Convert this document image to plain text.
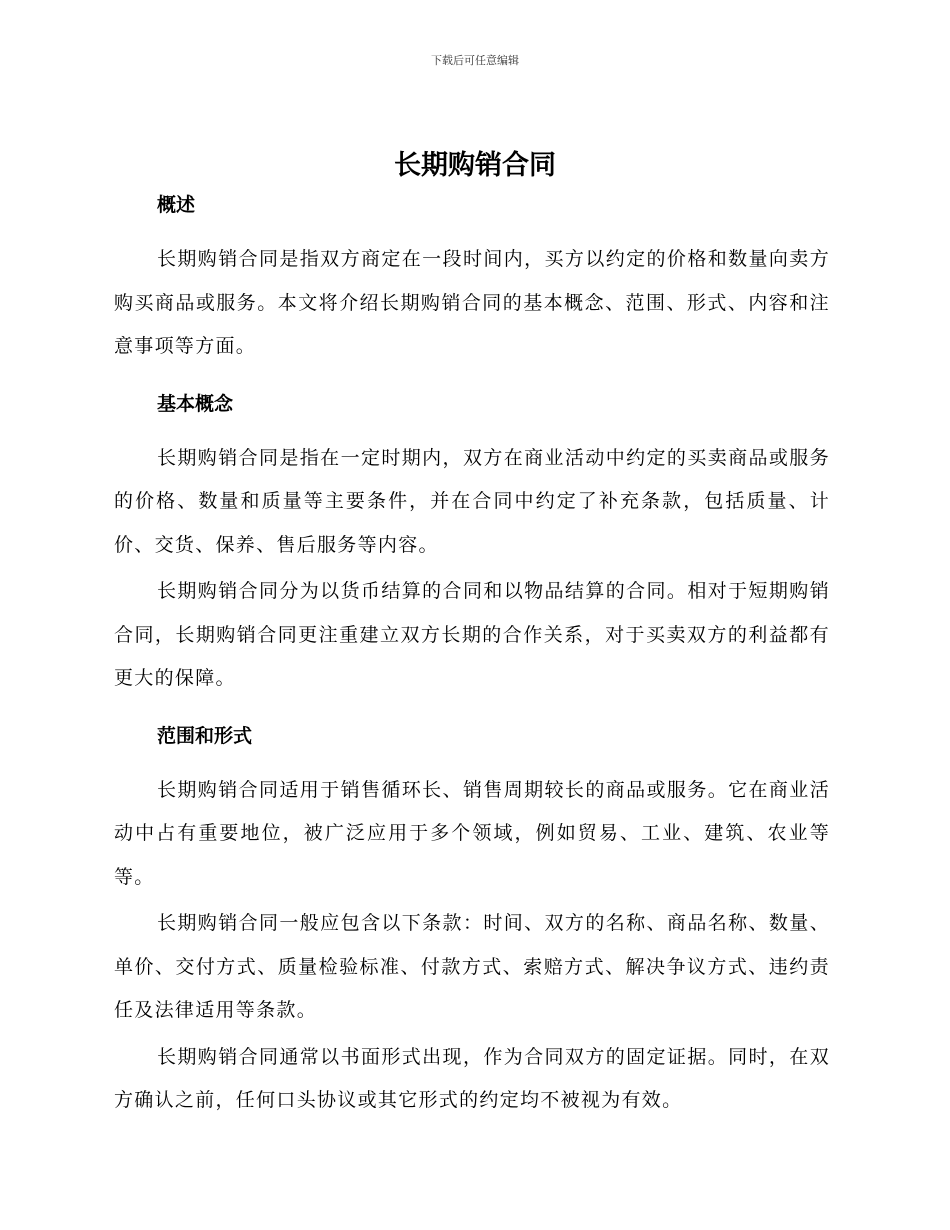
下载后可任意编辑
长期购销合同
概述

长期购销合同是指双方商定在一段时间内，买方以约定的价格和数量向卖方购买商品或服务。本文将介绍长期购销合同的基本概念、范围、形式、内容和注意事项等方面。

基本概念

长期购销合同是指在一定时期内，双方在商业活动中约定的买卖商品或服务的价格、数量和质量等主要条件，并在合同中约定了补充条款，包括质量、计价、交货、保养、售后服务等内容。

长期购销合同分为以货币结算的合同和以物品结算的合同。相对于短期购销合同，长期购销合同更注重建立双方长期的合作关系，对于买卖双方的利益都有更大的保障。

范围和形式

长期购销合同适用于销售循环长、销售周期较长的商品或服务。它在商业活动中占有重要地位，被广泛应用于多个领域，例如贸易、工业、建筑、农业等等。

长期购销合同一般应包含以下条款：时间、双方的名称、商品名称、数量、单价、交付方式、质量检验标准、付款方式、索赔方式、解决争议方式、违约责任及法律适用等条款。

长期购销合同通常以书面形式出现，作为合同双方的固定证据。同时，在双方确认之前，任何口头协议或其它形式的约定均不被视为有效。
